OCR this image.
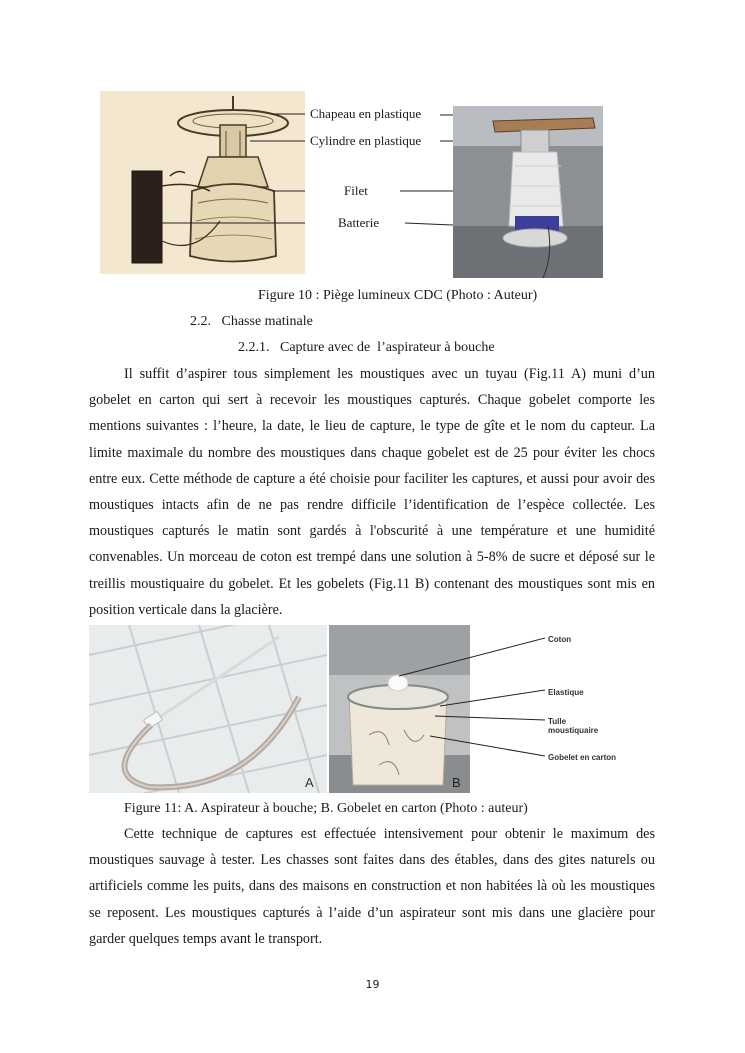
Chapeau en plastique
Cylindre en plastique
Filet
Batterie
Figure 10 : Piège lumineux CDC (Photo : Auteur)
2.2.   Chasse matinale
2.2.1.   Capture avec de  l’aspirateur à bouche
Il suffit d’aspirer tous simplement les moustiques avec un tuyau (Fig.11 A) muni d’un gobelet en carton qui sert à recevoir les moustiques capturés. Chaque gobelet comporte les mentions suivantes : l’heure, la date, le lieu de capture, le type de gîte et le nom du capteur. La limite maximale du nombre des moustiques dans chaque gobelet est de 25 pour éviter les chocs entre eux. Cette méthode de capture a été choisie pour faciliter les captures, et aussi pour avoir des moustiques intacts afin de ne pas rendre difficile l’identification de l’espèce collectée. Les moustiques capturés le matin sont gardés à l'obscurité à une température et une humidité convenables. Un morceau de coton est trempé dans une solution à 5-8% de sucre et déposé sur le treillis moustiquaire du gobelet. Et les gobelets (Fig.11 B) contenant des moustiques sont mis en position verticale dans la glacière.
A	B
Coton
Elastique
Tulle
moustiquaire
Gobelet en carton
Figure 11: A. Aspirateur à bouche; B. Gobelet en carton (Photo : auteur)
Cette technique de captures est effectuée intensivement pour obtenir le maximum des moustiques sauvage à tester. Les chasses sont faites dans des étables, dans des gites naturels ou artificiels comme les puits, dans des maisons en construction et non habitées là où les moustiques se reposent. Les moustiques capturés à l’aide d’un aspirateur sont mis dans une glacière pour garder quelques temps avant le transport.
19
